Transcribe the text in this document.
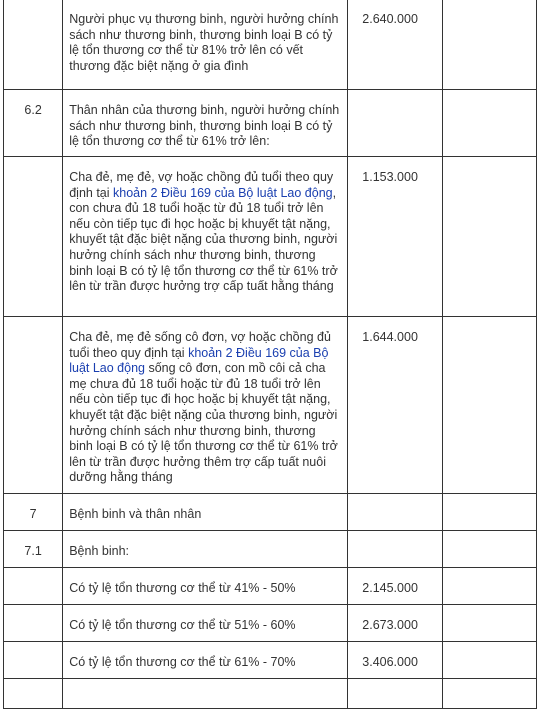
	Người phục vụ thương binh, người hưởng chính sách như thương binh, thương binh loại B có tỷ lệ tổn thương cơ thể từ 81% trở lên có vết thương đặc biệt nặng ở gia đình	2.640.000	

6.2	Thân nhân của thương binh, người hưởng chính sách như thương binh, thương binh loại B có tỷ lệ tổn thương cơ thể từ 61% trở lên:		

	Cha đẻ, mẹ đẻ, vợ hoặc chồng đủ tuổi theo quy định tại khoản 2 Điều 169 của Bộ luật Lao động, con chưa đủ 18 tuổi hoặc từ đủ 18 tuổi trở lên nếu còn tiếp tục đi học hoặc bị khuyết tật nặng, khuyết tật đặc biệt nặng của thương binh, người hưởng chính sách như thương binh, thương binh loại B có tỷ lệ tổn thương cơ thể từ 61% trở lên từ trần được hưởng trợ cấp tuất hằng tháng	1.153.000	

	Cha đẻ, mẹ đẻ sống cô đơn, vợ hoặc chồng đủ tuổi theo quy định tại khoản 2 Điều 169 của Bộ luật Lao động sống cô đơn, con mồ côi cả cha mẹ chưa đủ 18 tuổi hoặc từ đủ 18 tuổi trở lên nếu còn tiếp tục đi học hoặc bị khuyết tật nặng, khuyết tật đặc biệt nặng của thương binh, người hưởng chính sách như thương binh, thương binh loại B có tỷ lệ tổn thương cơ thể từ 61% trở lên từ trần được hưởng thêm trợ cấp tuất nuôi dưỡng hằng tháng	1.644.000	

7	Bệnh binh và thân nhân		

7.1	Bệnh binh:		

	Có tỷ lệ tổn thương cơ thể từ 41% - 50%	2.145.000	

	Có tỷ lệ tổn thương cơ thể từ 51% - 60%	2.673.000	

	Có tỷ lệ tổn thương cơ thể từ 61% - 70%	3.406.000	
